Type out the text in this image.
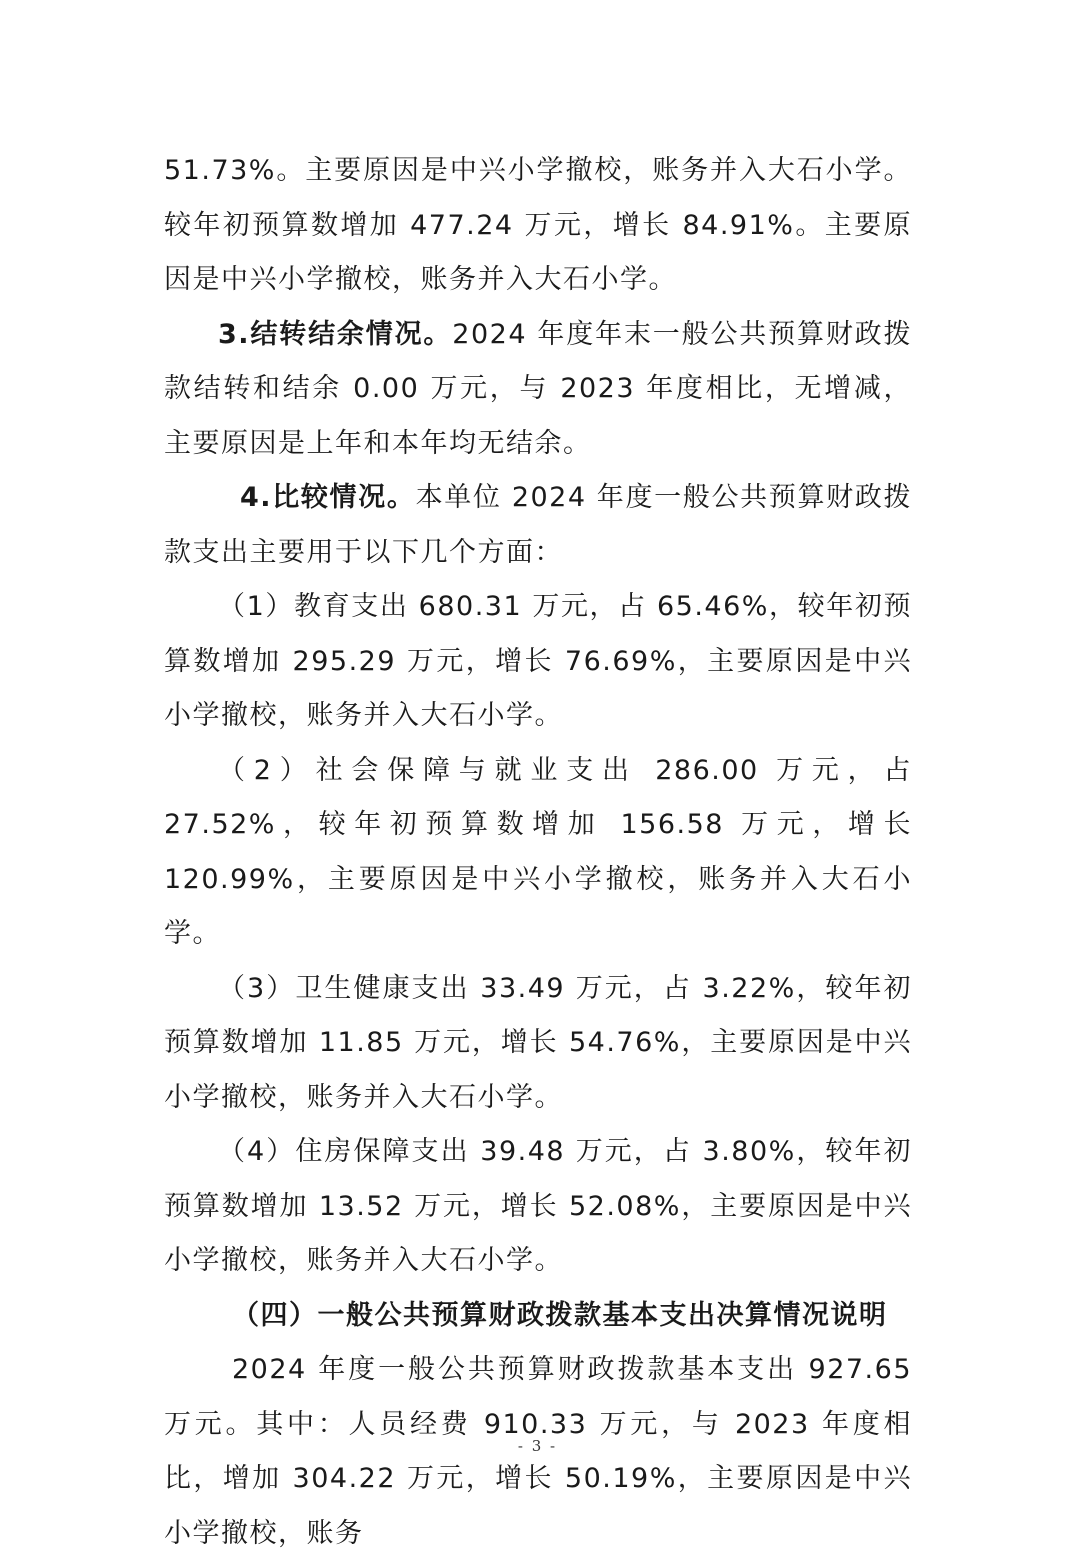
51.73%。主要原因是中兴小学撤校，账务并入大石小学。较年初预算数增加 477.24 万元，增长 84.91%。主要原因是中兴小学撤校，账务并入大石小学。

3.结转结余情况。2024 年度年末一般公共预算财政拨款结转和结余 0.00 万元，与 2023 年度相比，无增减，主要原因是上年和本年均无结余。

4.比较情况。本单位 2024 年度一般公共预算财政拨款支出主要用于以下几个方面：

（1）教育支出 680.31 万元，占 65.46%，较年初预算数增加 295.29 万元，增长 76.69%，主要原因是中兴小学撤校，账务并入大石小学。

（2）社会保障与就业支出 286.00 万元，占 27.52%，较年初预算数增加 156.58 万元，增长 120.99%，主要原因是中兴小学撤校，账务并入大石小学。

（3）卫生健康支出 33.49 万元，占 3.22%，较年初预算数增加 11.85 万元，增长 54.76%，主要原因是中兴小学撤校，账务并入大石小学。

（4）住房保障支出 39.48 万元，占 3.80%，较年初预算数增加 13.52 万元，增长 52.08%，主要原因是中兴小学撤校，账务并入大石小学。

（四）一般公共预算财政拨款基本支出决算情况说明

2024 年度一般公共预算财政拨款基本支出 927.65 万元。其中：人员经费 910.33 万元，与 2023 年度相比，增加 304.22 万元，增长 50.19%，主要原因是中兴小学撤校，账务

- 3 -
